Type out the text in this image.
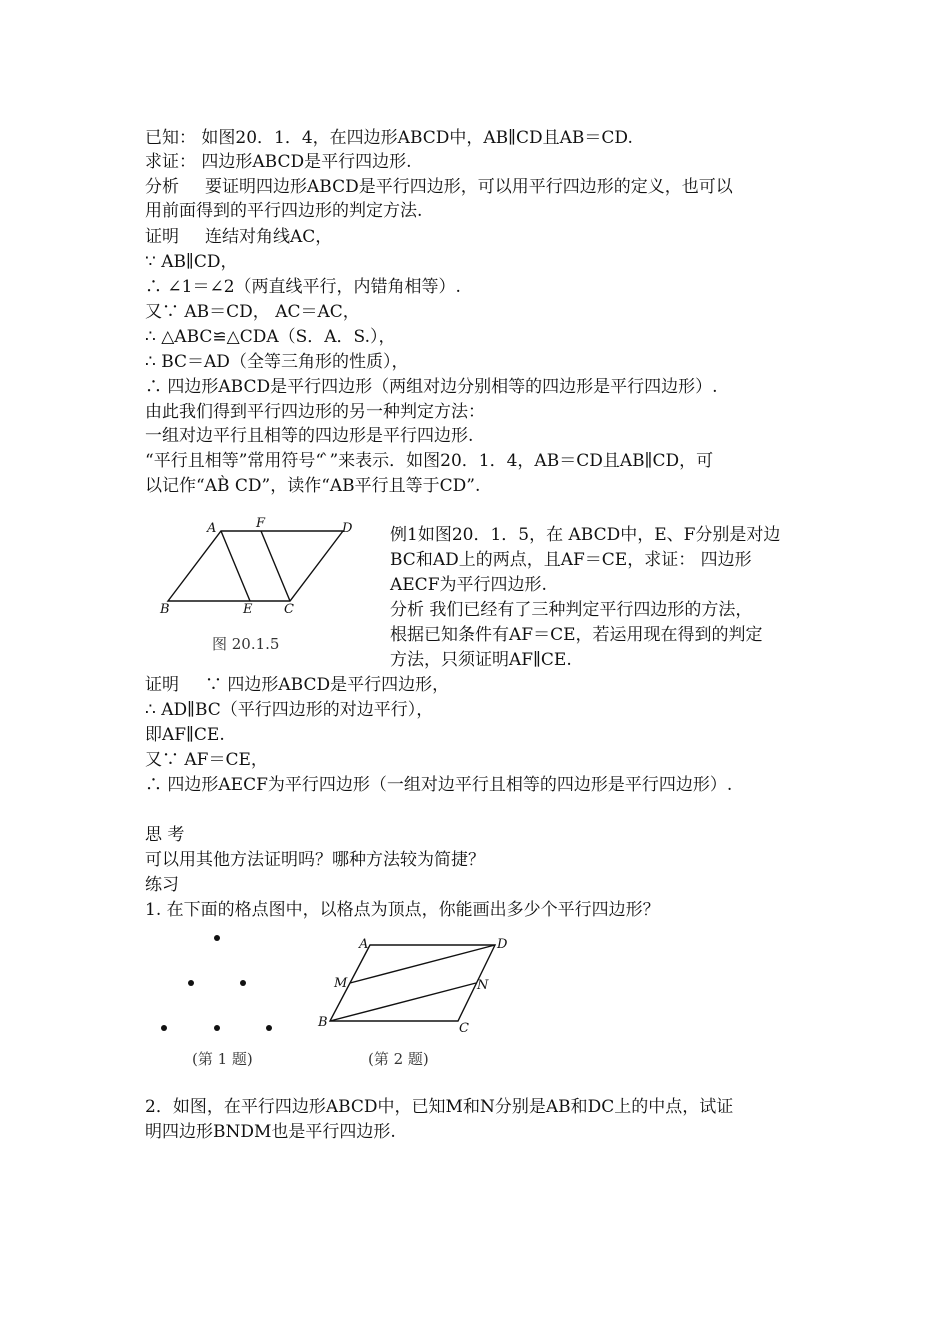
已知： 如图20．1．4，在四边形ABCD中，AB∥CD且AB＝CD.
求证： 四边形ABCD是平行四边形.
分析 要证明四边形ABCD是平行四边形，可以用平行四边形的定义，也可以
用前面得到的平行四边形的判定方法.
证明 连结对角线AC，
∵ AB∥CD，
∴ ∠1＝∠2（两直线平行，内错角相等）.
又∵ AB＝CD， AC＝AC，
∴ △ABC≌△CDA（S．A．S.），
∴ BC＝AD（全等三角形的性质），
∴ 四边形ABCD是平行四边形（两组对边分别相等的四边形是平行四边形）.
由此我们得到平行四边形的另一种判定方法：
一组对边平行且相等的四边形是平行四边形.
“平行且相等”常用符号“ ̀”来表示．如图20．1．4，AB＝CD且AB∥CD，可
以记作“AB̀ CD”，读作“AB平行且等于CD”.
A	F	D
B	E C
图 20.1.5
例1如图20．1．5，在 ABCD中，E、F分别是对边
BC和AD上的两点，且AF＝CE，求证： 四边形
AECF为平行四边形.
分析 我们已经有了三种判定平行四边形的方法，
根据已知条件有AF＝CE，若运用现在得到的判定
方法，只须证明AF∥CE.
证明 ∵ 四边形ABCD是平行四边形，
∴ AD∥BC（平行四边形的对边平行），
即AF∥CE.
又∵ AF＝CE，
∴ 四边形AECF为平行四边形（一组对边平行且相等的四边形是平行四边形）.
思 考
可以用其他方法证明吗？哪种方法较为简捷？
练习
1. 在下面的格点图中，以格点为顶点，你能画出多少个平行四边形？
(第 1 题)
A	D
M	N
B	C
(第 2 题)
2．如图，在平行四边形ABCD中，已知M和N分别是AB和DC上的中点，试证
明四边形BNDM也是平行四边形.
